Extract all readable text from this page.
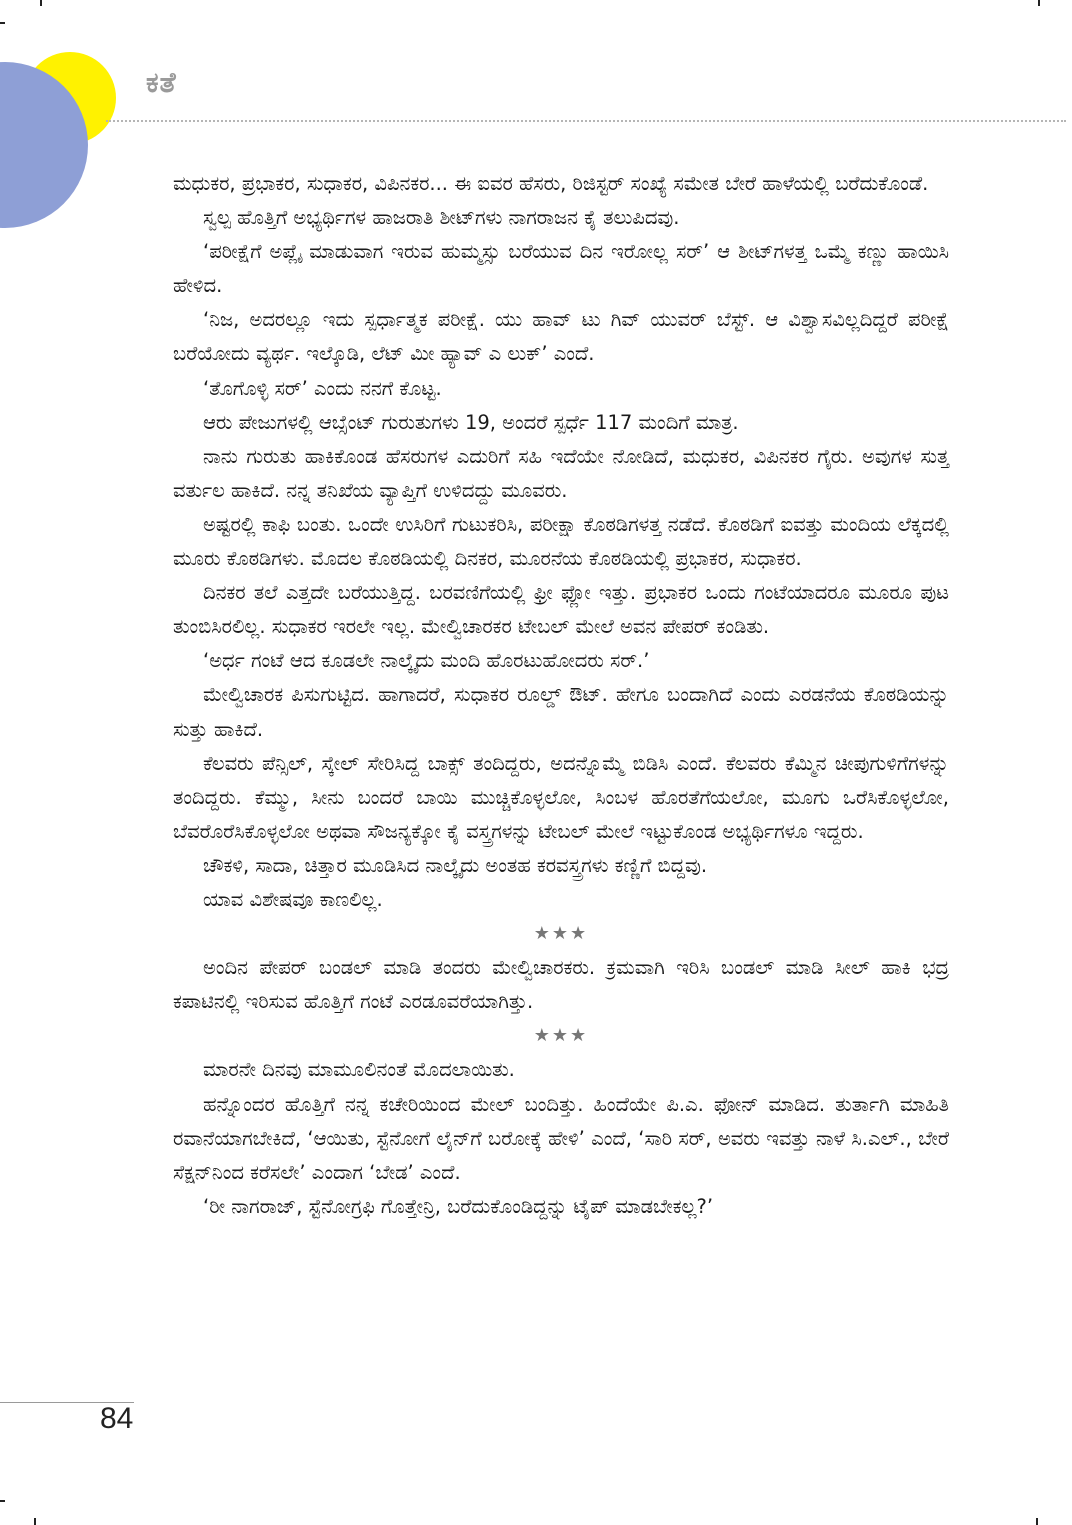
ಕತೆ

ಮಧುಕರ, ಪ್ರಭಾಕರ, ಸುಧಾಕರ, ವಿಪಿನಕರ... ಈ ಐವರ ಹೆಸರು, ರಿಜಿಸ್ಟರ್ ಸಂಖ್ಯೆ ಸಮೇತ ಬೇರೆ ಹಾಳೆಯಲ್ಲಿ ಬರೆದುಕೊಂಡೆ.

ಸ್ವಲ್ಪ ಹೊತ್ತಿಗೆ ಅಭ್ಯರ್ಥಿಗಳ ಹಾಜರಾತಿ ಶೀಟ್‌ಗಳು ನಾಗರಾಜನ ಕೈ ತಲುಪಿದವು.

‘ಪರೀಕ್ಷೆಗೆ ಅಪ್ಲೈ ಮಾಡುವಾಗ ಇರುವ ಹುಮ್ಮಸ್ಸು ಬರೆಯುವ ದಿನ ಇರೋಲ್ಲ ಸರ್’ ಆ ಶೀಟ್‌ಗಳತ್ತ ಒಮ್ಮೆ ಕಣ್ಣು ಹಾಯಿಸಿ ಹೇಳಿದ.

‘ನಿಜ, ಅದರಲ್ಲೂ ಇದು ಸ್ಪರ್ಧಾತ್ಮಕ ಪರೀಕ್ಷೆ. ಯು ಹಾವ್ ಟು ಗಿವ್ ಯುವರ್ ಬೆಸ್ಟ್. ಆ ವಿಶ್ವಾಸವಿಲ್ಲದಿದ್ದರೆ ಪರೀಕ್ಷೆ ಬರೆಯೋದು ವ್ಯರ್ಥ. ಇಲ್ಕೊಡಿ, ಲೆಟ್ ಮೀ ಹ್ಯಾವ್ ಎ ಲುಕ್’ ಎಂದೆ.

‘ತೊಗೊಳ್ಳಿ ಸರ್’ ಎಂದು ನನಗೆ ಕೊಟ್ಟ.

ಆರು ಪೇಜುಗಳಲ್ಲಿ ಆಬ್ಸೆಂಟ್ ಗುರುತುಗಳು 19, ಅಂದರೆ ಸ್ಪರ್ಧೆ 117 ಮಂದಿಗೆ ಮಾತ್ರ.

ನಾನು ಗುರುತು ಹಾಕಿಕೊಂಡ ಹೆಸರುಗಳ ಎದುರಿಗೆ ಸಹಿ ಇದೆಯೇ ನೋಡಿದೆ, ಮಧುಕರ, ವಿಪಿನಕರ ಗೈರು. ಅವುಗಳ ಸುತ್ತ ವರ್ತುಲ ಹಾಕಿದೆ. ನನ್ನ ತನಿಖೆಯ ವ್ಯಾಪ್ತಿಗೆ ಉಳಿದದ್ದು ಮೂವರು.

ಅಷ್ಟರಲ್ಲಿ ಕಾಫಿ ಬಂತು. ಒಂದೇ ಉಸಿರಿಗೆ ಗುಟುಕರಿಸಿ, ಪರೀಕ್ಷಾ ಕೊಠಡಿಗಳತ್ತ ನಡೆದೆ. ಕೊಠಡಿಗೆ ಐವತ್ತು ಮಂದಿಯ ಲೆಕ್ಕದಲ್ಲಿ ಮೂರು ಕೊಠಡಿಗಳು. ಮೊದಲ ಕೊಠಡಿಯಲ್ಲಿ ದಿನಕರ, ಮೂರನೆಯ ಕೊಠಡಿಯಲ್ಲಿ ಪ್ರಭಾಕರ, ಸುಧಾಕರ.

ದಿನಕರ ತಲೆ ಎತ್ತದೇ ಬರೆಯುತ್ತಿದ್ದ. ಬರವಣಿಗೆಯಲ್ಲಿ ಫ್ರೀ ಫ್ಲೋ ಇತ್ತು. ಪ್ರಭಾಕರ ಒಂದು ಗಂಟೆಯಾದರೂ ಮೂರೂ ಪುಟ ತುಂಬಿಸಿರಲಿಲ್ಲ. ಸುಧಾಕರ ಇರಲೇ ಇಲ್ಲ. ಮೇಲ್ವಿಚಾರಕರ ಟೇಬಲ್ ಮೇಲೆ ಅವನ ಪೇಪರ್ ಕಂಡಿತು.

‘ಅರ್ಧ ಗಂಟೆ ಆದ ಕೂಡಲೇ ನಾಲ್ಕೈದು ಮಂದಿ ಹೊರಟುಹೋದರು ಸರ್.’

ಮೇಲ್ವಿಚಾರಕ ಪಿಸುಗುಟ್ಟಿದ. ಹಾಗಾದರೆ, ಸುಧಾಕರ ರೂಲ್ಡ್ ಔಟ್. ಹೇಗೂ ಬಂದಾಗಿದೆ ಎಂದು ಎರಡನೆಯ ಕೊಠಡಿಯನ್ನು ಸುತ್ತು ಹಾಕಿದೆ.

ಕೆಲವರು ಪೆನ್ಸಿಲ್, ಸ್ಕೇಲ್ ಸೇರಿಸಿದ್ದ ಬಾಕ್ಸ್ ತಂದಿದ್ದರು, ಅದನ್ನೊಮ್ಮೆ ಬಿಡಿಸಿ ಎಂದೆ. ಕೆಲವರು ಕೆಮ್ಮಿನ ಚೀಪುಗುಳಿಗೆಗಳನ್ನು ತಂದಿದ್ದರು. ಕೆಮ್ಮು, ಸೀನು ಬಂದರೆ ಬಾಯಿ ಮುಚ್ಚಿಕೊಳ್ಳಲೋ, ಸಿಂಬಳ ಹೊರತೆಗೆಯಲೋ, ಮೂಗು ಒರೆಸಿಕೊಳ್ಳಲೋ, ಬೆವರೊರೆಸಿಕೊಳ್ಳಲೋ ಅಥವಾ ಸೌಜನ್ಯಕ್ಕೋ ಕೈ ವಸ್ತ್ರಗಳನ್ನು ಟೇಬಲ್ ಮೇಲೆ ಇಟ್ಟುಕೊಂಡ ಅಭ್ಯರ್ಥಿಗಳೂ ಇದ್ದರು.

ಚೌಕಳಿ, ಸಾದಾ, ಚಿತ್ತಾರ ಮೂಡಿಸಿದ ನಾಲ್ಕೈದು ಅಂತಹ ಕರವಸ್ತ್ರಗಳು ಕಣ್ಣಿಗೆ ಬಿದ್ದವು.

ಯಾವ ವಿಶೇಷವೂ ಕಾಣಲಿಲ್ಲ.

★★★

ಅಂದಿನ ಪೇಪರ್ ಬಂಡಲ್ ಮಾಡಿ ತಂದರು ಮೇಲ್ವಿಚಾರಕರು. ಕ್ರಮವಾಗಿ ಇರಿಸಿ ಬಂಡಲ್ ಮಾಡಿ ಸೀಲ್ ಹಾಕಿ ಭದ್ರ ಕಪಾಟಿನಲ್ಲಿ ಇರಿಸುವ ಹೊತ್ತಿಗೆ ಗಂಟೆ ಎರಡೂವರೆಯಾಗಿತ್ತು.

★★★

ಮಾರನೇ ದಿನವು ಮಾಮೂಲಿನಂತೆ ಮೊದಲಾಯಿತು.

ಹನ್ನೊಂದರ ಹೊತ್ತಿಗೆ ನನ್ನ ಕಚೇರಿಯಿಂದ ಮೇಲ್ ಬಂದಿತ್ತು. ಹಿಂದೆಯೇ ಪಿ.ಎ. ಫೋನ್ ಮಾಡಿದ. ತುರ್ತಾಗಿ ಮಾಹಿತಿ ರವಾನೆಯಾಗಬೇಕಿದೆ, ‘ಆಯಿತು, ಸ್ಟೆನೋಗೆ ಲೈನ್‌ಗೆ ಬರೋಕ್ಕೆ ಹೇಳಿ’ ಎಂದೆ, ‘ಸಾರಿ ಸರ್, ಅವರು ಇವತ್ತು ನಾಳೆ ಸಿ.ಎಲ್., ಬೇರೆ ಸೆಕ್ಷನ್‌ನಿಂದ ಕರೆಸಲೇ’ ಎಂದಾಗ ‘ಬೇಡ’ ಎಂದೆ.

‘ರೀ ನಾಗರಾಜ್, ಸ್ಟೆನೋಗ್ರಫಿ ಗೊತ್ತೇನ್ರಿ, ಬರೆದುಕೊಂಡಿದ್ದನ್ನು ಟೈಪ್ ಮಾಡಬೇಕಲ್ಲ?’

84
